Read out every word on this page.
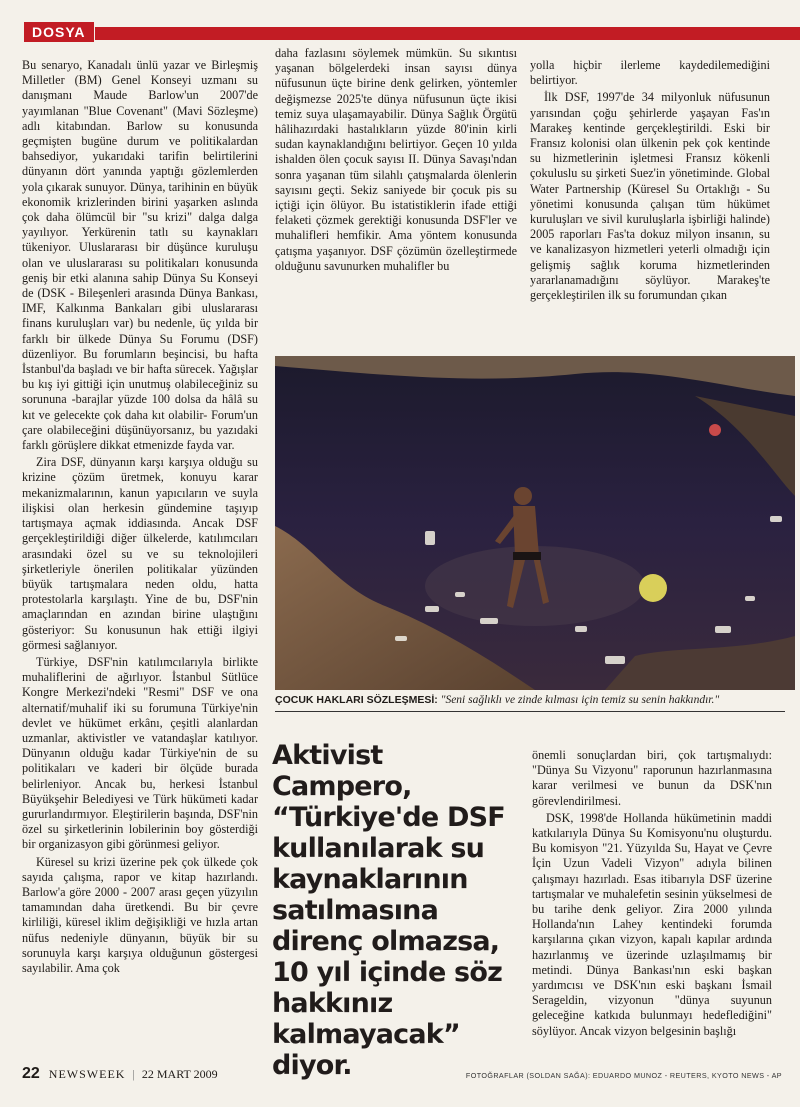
DOSYA

Bu senaryo, Kanadalı ünlü yazar ve Birleşmiş Milletler (BM) Genel Konseyi uzmanı su danışmanı Maude Barlow'un 2007'de yayımlanan "Blue Covenant" (Mavi Sözleşme) adlı kitabından. Barlow su konusunda geçmişten bugüne durum ve politikalardan bahsediyor, yukarıdaki tarifin belirtilerini dünyanın dört yanında yaptığı gözlemlerden yola çıkarak sunuyor. Dünya, tarihinin en büyük ekonomik krizlerinden birini yaşarken aslında çok daha ölümcül bir "su krizi" dalga dalga yayılıyor. Yerkürenin tatlı su kaynakları tükeniyor. Uluslararası bir düşünce kuruluşu olan ve uluslararası su politikaları konusunda geniş bir etki alanına sahip Dünya Su Konseyi de (DSK - Bileşenleri arasında Dünya Bankası, IMF, Kalkınma Bankaları gibi uluslararası finans kuruluşları var) bu nedenle, üç yılda bir farklı bir ülkede Dünya Su Forumu (DSF) düzenliyor. Bu forumların beşincisi, bu hafta İstanbul'da başladı ve bir hafta sürecek. Yağışlar bu kış iyi gittiği için unutmuş olabileceğiniz su sorununa -barajlar yüzde 100 dolsa da hâlâ su kıt ve gelecekte çok daha kıt olabilir- Forum'un çare olabileceğini düşünüyorsanız, bu yazıdaki farklı görüşlere dikkat etmenizde fayda var.

Zira DSF, dünyanın karşı karşıya olduğu su krizine çözüm üretmek, konuyu karar mekanizmalarının, kanun yapıcıların ve suyla ilişkisi olan herkesin gündemine taşıyıp tartışmaya açmak iddiasında. Ancak DSF gerçekleştirildiği diğer ülkelerde, katılımcıları arasındaki özel su ve su teknolojileri şirketleriyle önerilen politikalar yüzünden büyük tartışmalara neden oldu, hatta protestolarla karşılaştı. Yine de bu, DSF'nin amaçlarından en azından birine ulaştığını gösteriyor: Su konusunun hak ettiği ilgiyi görmesi sağlanıyor.

Türkiye, DSF'nin katılımcılarıyla birlikte muhaliflerini de ağırlıyor. İstanbul Sütlüce Kongre Merkezi'ndeki "Resmi" DSF ve ona alternatif/muhalif iki su forumuna Türkiye'nin devlet ve hükümet erkânı, çeşitli alanlardan uzmanlar, aktivistler ve vatandaşlar katılıyor. Dünyanın olduğu kadar Türkiye'nin de su politikaları ve kaderi bir ölçüde burada belirleniyor. Ancak bu, herkesi İstanbul Büyükşehir Belediyesi ve Türk hükümeti kadar gururlandırmıyor. Eleştirilerin başında, DSF'nin özel su şirketlerinin lobilerinin boy gösterdiği bir organizasyon gibi görünmesi geliyor.

Küresel su krizi üzerine pek çok ülkede çok sayıda çalışma, rapor ve kitap hazırlandı. Barlow'a göre 2000 - 2007 arası geçen yüzyılın tamamından daha üretkendi. Bu bir çevre kirliliği, küresel iklim değişikliği ve hızla artan nüfus nedeniyle dünyanın, büyük bir su sorunuyla karşı karşıya olduğunun göstergesi sayılabilir. Ama çok

daha fazlasını söylemek mümkün. Su sıkıntısı yaşanan bölgelerdeki insan sayısı dünya nüfusunun üçte birine denk gelirken, yöntemler değişmezse 2025'te dünya nüfusunun üçte ikisi temiz suya ulaşamayabilir. Dünya Sağlık Örgütü hâlihazırdaki hastalıkların yüzde 80'inin kirli sudan kaynaklandığını belirtiyor. Geçen 10 yılda ishalden ölen çocuk sayısı II. Dünya Savaşı'ndan sonra yaşanan tüm silahlı çatışmalarda ölenlerin sayısını geçti. Sekiz saniyede bir çocuk pis su içtiği için ölüyor. Bu istatistiklerin ifade ettiği felaketi çözmek gerektiği konusunda DSF'ler ve muhalifleri hemfikir. Ama yöntem konusunda çatışma yaşanıyor. DSF çözümün özelleştirmede olduğunu savunurken muhalifler bu

yolla hiçbir ilerleme kaydedilemediğini belirtiyor.

İlk DSF, 1997'de 34 milyonluk nüfusunun yarısından çoğu şehirlerde yaşayan Fas'ın Marakeş kentinde gerçekleştirildi. Eski bir Fransız kolonisi olan ülkenin pek çok kentinde su hizmetlerinin işletmesi Fransız kökenli çokuluslu su şirketi Suez'in yönetiminde. Global Water Partnership (Küresel Su Ortaklığı - Su yönetimi konusunda çalışan tüm hükümet kuruluşları ve sivil kuruluşlarla işbirliği halinde) 2005 raporları Fas'ta dokuz milyon insanın, su ve kanalizasyon hizmetleri yeterli olmadığı için gelişmiş sağlık koruma hizmetlerinden yararlanamadığını söylüyor. Marakeş'te gerçekleştirilen ilk su forumundan çıkan

ÇOCUK HAKLARI SÖZLEŞMESİ: "Seni sağlıklı ve zinde kılması için temiz su senin hakkındır."
Aktivist Campero, “Türkiye'de DSF kullanılarak su kaynaklarının satılmasına direnç olmazsa, 10 yıl içinde söz hakkınız kalmayacak” diyor.

önemli sonuçlardan biri, çok tartışmalıydı: "Dünya Su Vizyonu" raporunun hazırlanmasına karar verilmesi ve bunun da DSK'nın görevlendirilmesi.

DSK, 1998'de Hollanda hükümetinin maddi katkılarıyla Dünya Su Komisyonu'nu oluşturdu. Bu komisyon "21. Yüzyılda Su, Hayat ve Çevre İçin Uzun Vadeli Vizyon" adıyla bilinen çalışmayı hazırladı. Esas itibarıyla DSF üzerine tartışmalar ve muhalefetin sesinin yükselmesi de bu tarihe denk geliyor. Zira 2000 yılında Hollanda'nın Lahey kentindeki forumda karşılarına çıkan vizyon, kapalı kapılar ardında hazırlanmış ve üzerinde uzlaşılmamış bir metindi. Dünya Bankası'nın eski başkan yardımcısı ve DSK'nın eski başkanı İsmail Serageldin, vizyonun "dünya suyunun geleceğine katkıda bulunmayı hedeflediğini" söylüyor. Ancak vizyon belgesinin başlığı

22 NEWSWEEK | 22 MART 2009	FOTOĞRAFLAR (SOLDAN SAĞA): EDUARDO MUNOZ - REUTERS, KYOTO NEWS - AP
